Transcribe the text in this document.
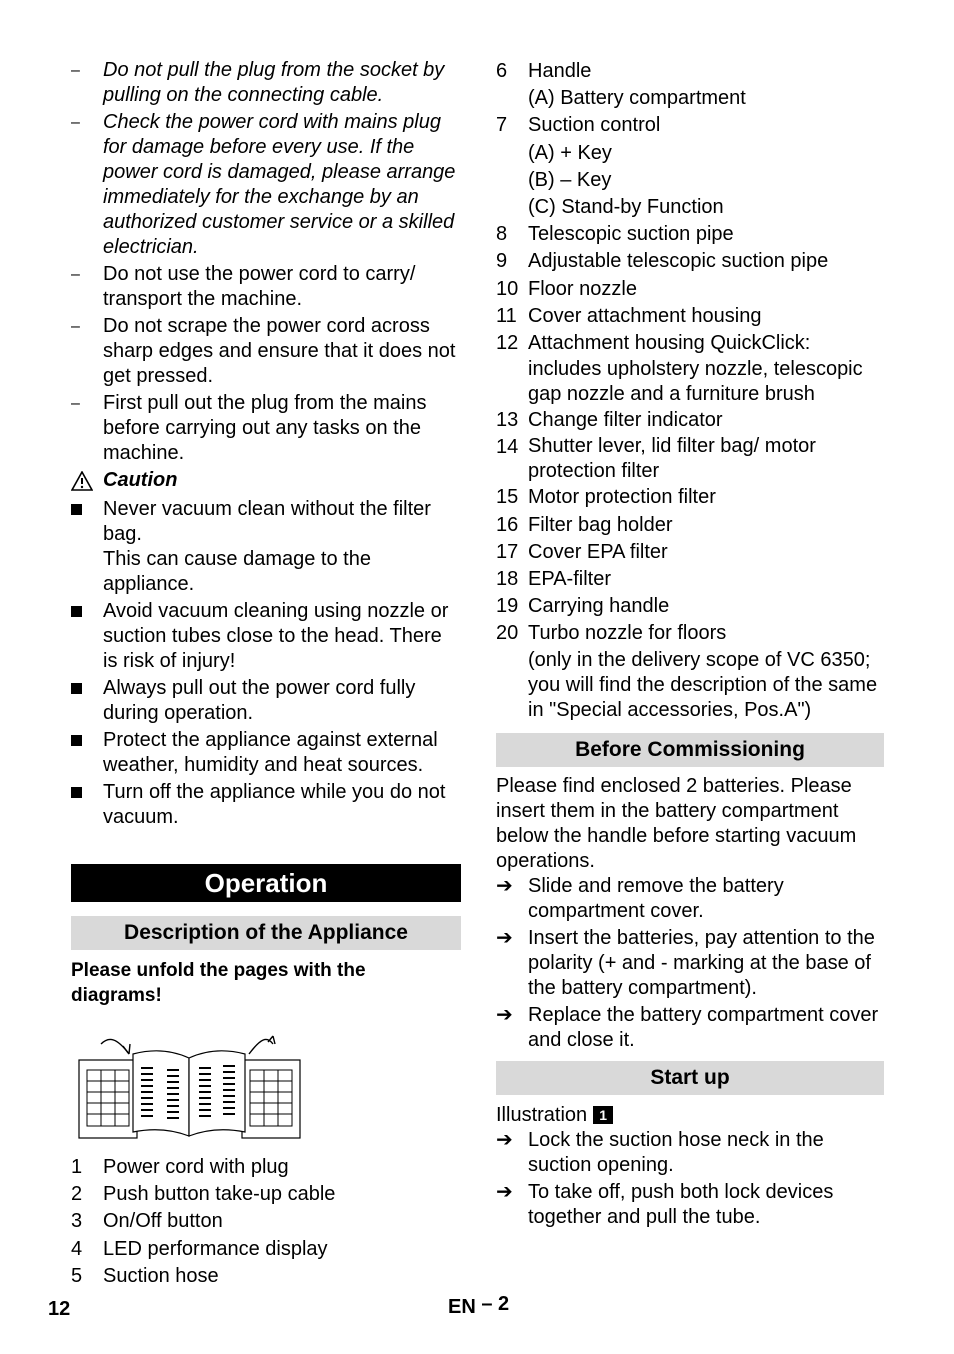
–	Do not pull the plug from the socket by pulling on the connecting cable.
–	Check the power cord with mains plug for damage before every use. If the power cord is damaged, please arrange immediately for the exchange by an authorized customer service or a skilled electrician.
–	Do not use the power cord to carry/ transport the machine.
–	Do not scrape the power cord across sharp edges and ensure that it does not get pressed.
–	First pull out the plug from the mains before carrying out any tasks on the machine.
Caution
Never vacuum clean without the filter bag.
This can cause damage to the appliance.
Avoid vacuum cleaning using nozzle or suction tubes close to the head. There is risk of injury!
Always pull out the power cord fully during operation.
Protect the appliance against external weather, humidity and heat sources.
Turn off the appliance while you do not vacuum.
Operation
Description of the Appliance
Please unfold the pages with the diagrams!
1 Power cord with plug
2 Push button take-up cable
3 On/Off button
4 LED performance display
5 Suction hose
6 Handle
(A) Battery compartment
7 Suction control
(A) + Key
(B) – Key
(C) Stand-by Function
8 Telescopic suction pipe
9 Adjustable telescopic suction pipe
10 Floor nozzle
11 Cover attachment housing
12 Attachment housing QuickClick:
includes upholstery nozzle, telescopic gap nozzle and a furniture brush
13 Change filter indicator
14 Shutter lever, lid filter bag/ motor protection filter
15 Motor protection filter
16 Filter bag holder
17 Cover EPA filter
18 EPA-filter
19 Carrying handle
20 Turbo nozzle for floors
(only in the delivery scope of VC 6350; you will find the description of the same in "Special accessories, Pos.A")
Before Commissioning
Please find enclosed 2 batteries. Please insert them in the battery compartment below the handle before starting vacuum operations.
➔ Slide and remove the battery compartment cover.
➔ Insert the batteries, pay attention to the polarity (+ and - marking at the base of the battery compartment).
➔ Replace the battery compartment cover and close it.
Start up
Illustration 1
➔ Lock the suction hose neck in the suction opening.
➔ To take off, push both lock devices together and pull the tube.
12	EN – 2
